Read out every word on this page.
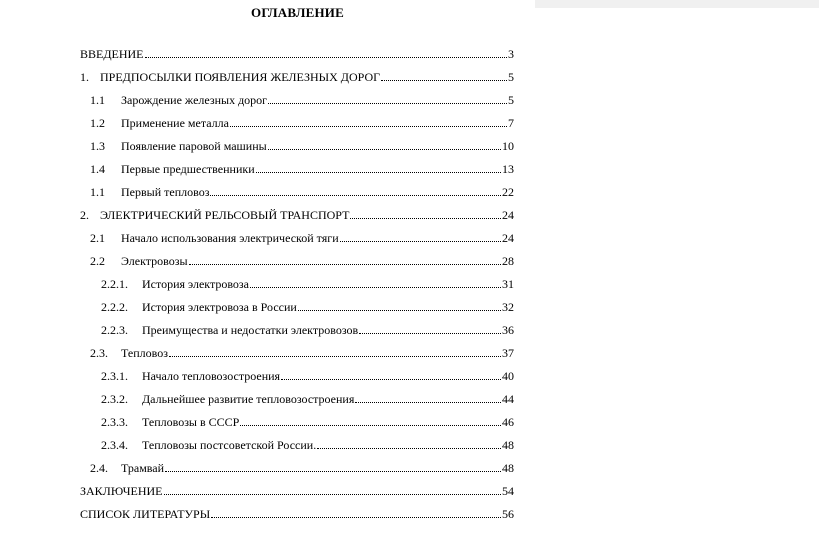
ОГЛАВЛЕНИЕ
ВВЕДЕНИЕ	3
1. ПРЕДПОСЫЛКИ ПОЯВЛЕНИЯ ЖЕЛЕЗНЫХ ДОРОГ	5
1.1	Зарождение железных дорог	5
1.2	Применение металла	7
1.3	Появление паровой машины	10
1.4	Первые предшественники	13
1.1	Первый тепловоз	22
2. ЭЛЕКТРИЧЕСКИЙ РЕЛЬСОВЫЙ ТРАНСПОРТ	24
2.1	Начало использования электрической тяги	24
2.2	Электровозы	28
2.2.1.	История электровоза	31
2.2.2.	История электровоза в России	32
2.2.3.	Преимущества и недостатки электровозов	36
2.3.	Тепловоз	37
2.3.1.	Начало тепловозостроения	40
2.3.2.	Дальнейшее развитие тепловозостроения	44
2.3.3.	Тепловозы в СССР	46
2.3.4.	Тепловозы постсоветской России.	48
2.4.	Трамвай	48
ЗАКЛЮЧЕНИЕ	54
СПИСОК ЛИТЕРАТУРЫ	56
